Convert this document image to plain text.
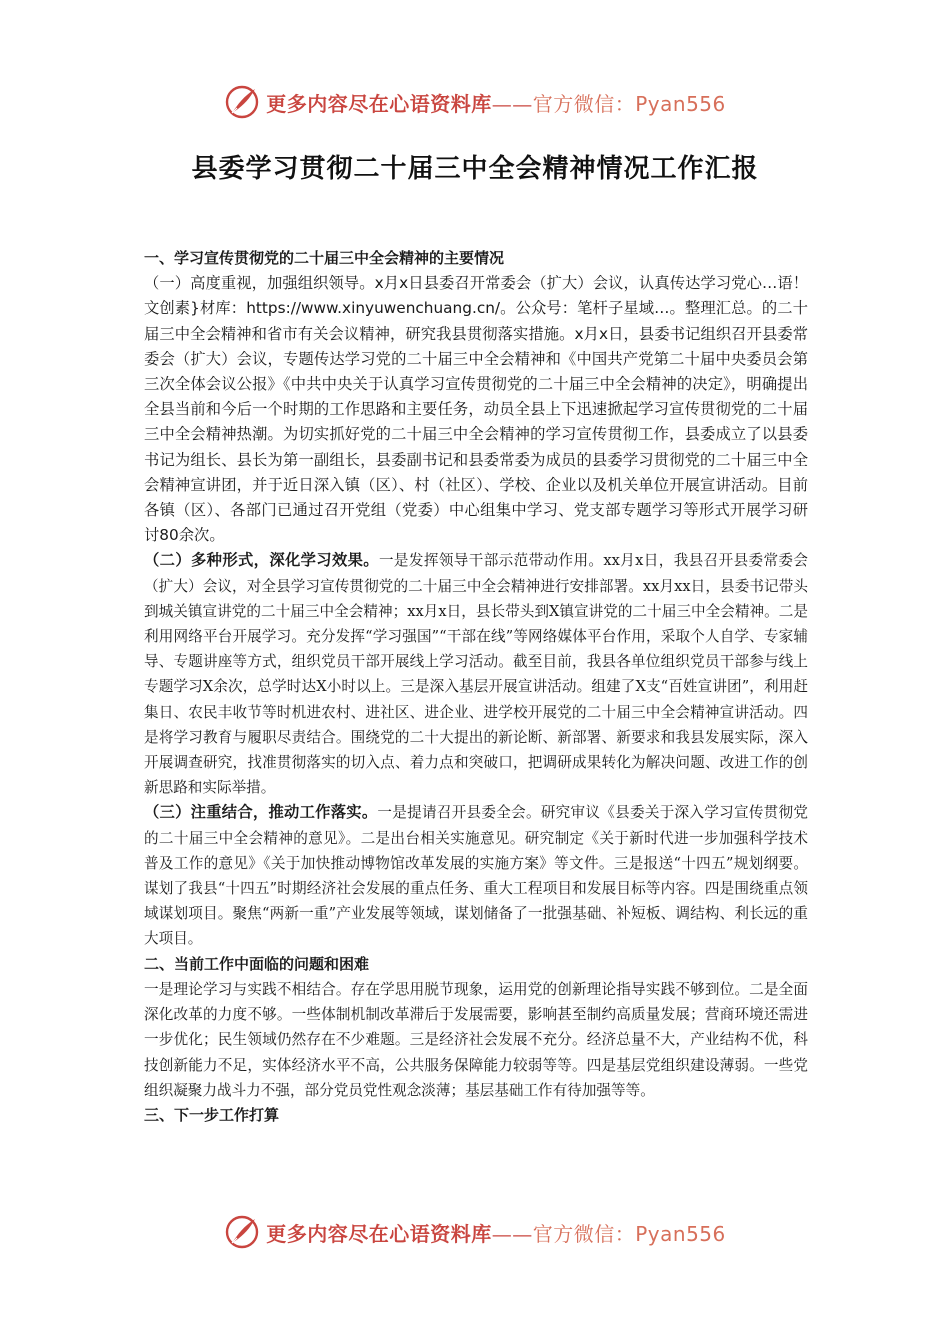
更多内容尽在心语资料库——官方微信：Pyan556
县委学习贯彻二十届三中全会精神情况工作汇报

一、学习宣传贯彻党的二十届三中全会精神的主要情况

（一）高度重视，加强组织领导。x月x日县委召开常委会（扩大）会议，认真传达学习党心…语！文创素}材库：https://www.xinyuwenchuang.cn/。公众号：笔杆子星域…。整理汇总。的二十届三中全会精神和省市有关会议精神，研究我县贯彻落实措施。x月x日，县委书记组织召开县委常委会（扩大）会议，专题传达学习党的二十届三中全会精神和《中国共产党第二十届中央委员会第三次全体会议公报》《中共中央关于认真学习宣传贯彻党的二十届三中全会精神的决定》，明确提出全县当前和今后一个时期的工作思路和主要任务，动员全县上下迅速掀起学习宣传贯彻党的二十届三中全会精神热潮。为切实抓好党的二十届三中全会精神的学习宣传贯彻工作，县委成立了以县委书记为组长、县长为第一副组长，县委副书记和县委常委为成员的县委学习贯彻党的二十届三中全会精神宣讲团，并于近日深入镇（区）、村（社区）、学校、企业以及机关单位开展宣讲活动。目前各镇（区）、各部门已通过召开党组（党委）中心组集中学习、党支部专题学习等形式开展学习研讨80余次。

（二）多种形式，深化学习效果。一是发挥领导干部示范带动作用。xx月x日，我县召开县委常委会（扩大）会议，对全县学习宣传贯彻党的二十届三中全会精神进行安排部署。xx月xx日，县委书记带头到城关镇宣讲党的二十届三中全会精神；xx月x日，县长带头到X镇宣讲党的二十届三中全会精神。二是利用网络平台开展学习。充分发挥“学习强国”“干部在线”等网络媒体平台作用，采取个人自学、专家辅导、专题讲座等方式，组织党员干部开展线上学习活动。截至目前，我县各单位组织党员干部参与线上专题学习X余次，总学时达X小时以上。三是深入基层开展宣讲活动。组建了X支“百姓宣讲团”，利用赶集日、农民丰收节等时机进农村、进社区、进企业、进学校开展党的二十届三中全会精神宣讲活动。四是将学习教育与履职尽责结合。围绕党的二十大提出的新论断、新部署、新要求和我县发展实际，深入开展调查研究，找准贯彻落实的切入点、着力点和突破口，把调研成果转化为解决问题、改进工作的创新思路和实际举措。

（三）注重结合，推动工作落实。一是提请召开县委全会。研究审议《县委关于深入学习宣传贯彻党的二十届三中全会精神的意见》。二是出台相关实施意见。研究制定《关于新时代进一步加强科学技术普及工作的意见》《关于加快推动博物馆改革发展的实施方案》等文件。三是报送“十四五”规划纲要。谋划了我县“十四五”时期经济社会发展的重点任务、重大工程项目和发展目标等内容。四是围绕重点领域谋划项目。聚焦“两新一重”产业发展等领域，谋划储备了一批强基础、补短板、调结构、利长远的重大项目。

二、当前工作中面临的问题和困难

一是理论学习与实践不相结合。存在学思用脱节现象，运用党的创新理论指导实践不够到位。二是全面深化改革的力度不够。一些体制机制改革滞后于发展需要，影响甚至制约高质量发展；营商环境还需进一步优化；民生领域仍然存在不少难题。三是经济社会发展不充分。经济总量不大，产业结构不优，科技创新能力不足，实体经济水平不高，公共服务保障能力较弱等等。四是基层党组织建设薄弱。一些党组织凝聚力战斗力不强，部分党员党性观念淡薄；基层基础工作有待加强等等。

三、下一步工作打算

更多内容尽在心语资料库——官方微信：Pyan556
